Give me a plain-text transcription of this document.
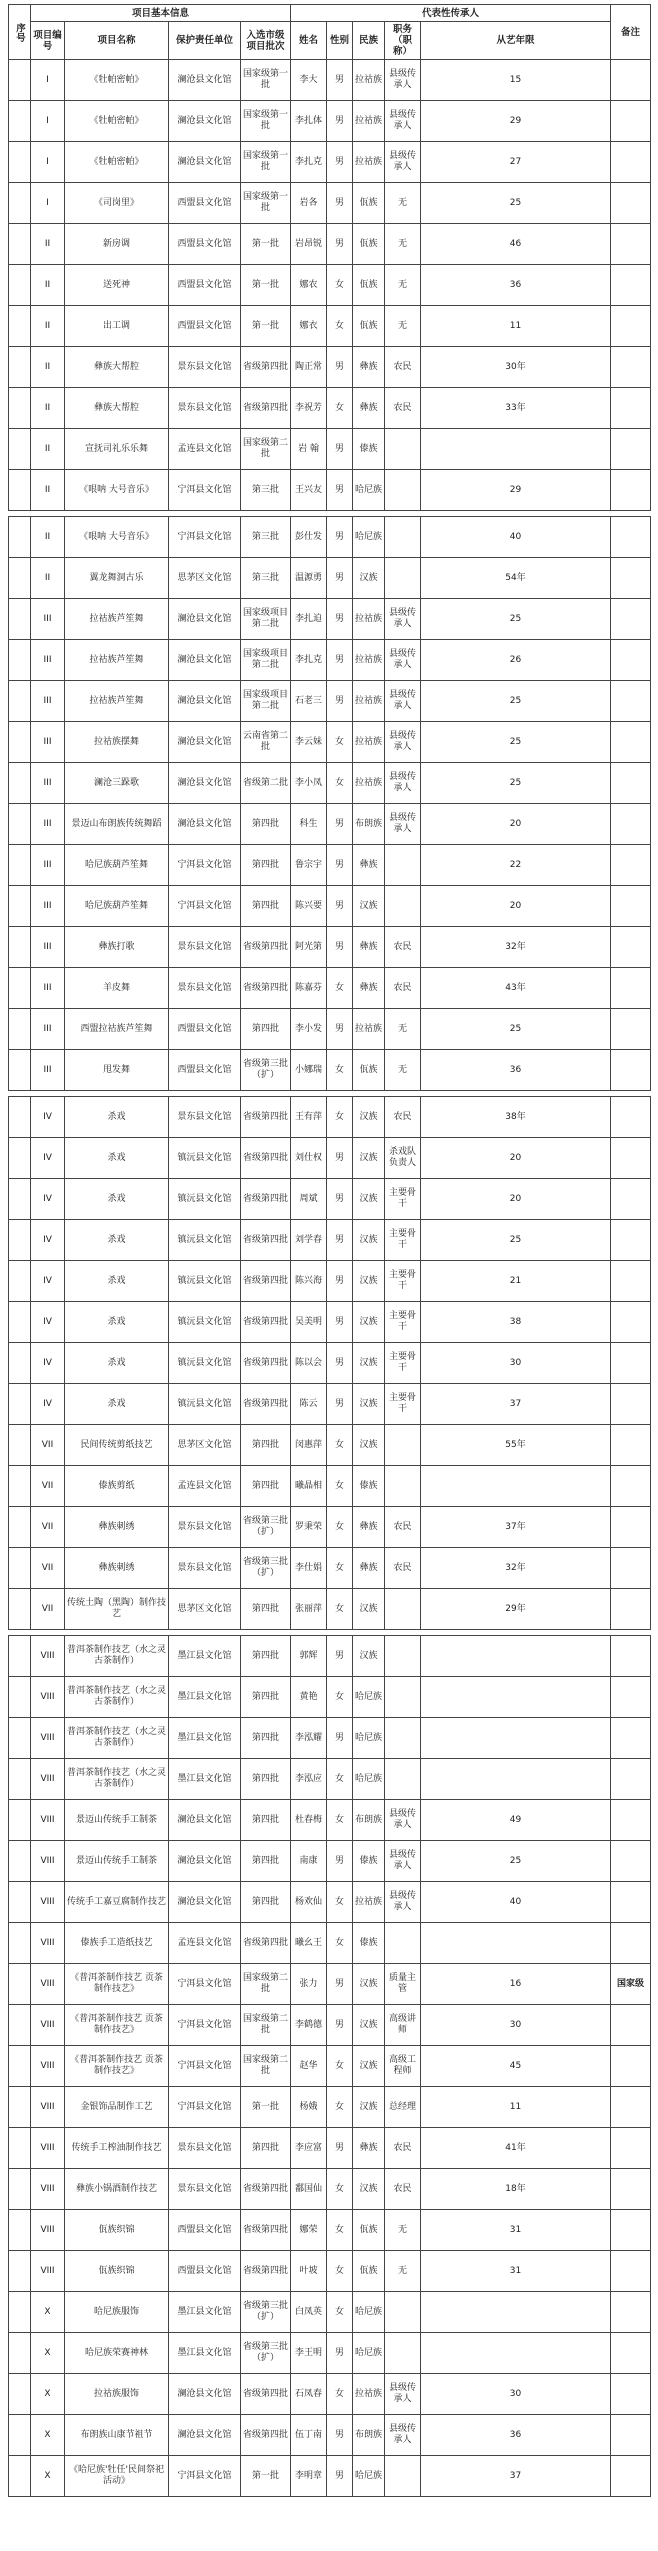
序号	项目基本信息				代表性传承人					备注
	项目编号	项目名称	保护责任单位	入选市级项目批次	姓名	性别	民族	职务（职称）	从艺年限	
	I	《牡帕密帕》	澜沧县文化馆	国家级第一批	李大	男	拉祜族	县级传承人	15	
	I	《牡帕密帕》	澜沧县文化馆	国家级第一批	李扎体	男	拉祜族	县级传承人	29	
	I	《牡帕密帕》	澜沧县文化馆	国家级第一批	李扎克	男	拉祜族	县级传承人	27	
	I	《司岗里》	西盟县文化馆	国家级第一批	岩各	男	佤族	无	25	
	II	新房调	西盟县文化馆	第一批	岩昂锐	男	佤族	无	46	
	II	送死神	西盟县文化馆	第一批	娜农	女	佤族	无	36	
	II	出工调	西盟县文化馆	第一批	娜衣	女	佤族	无	11	
	II	彝族大帮腔	景东县文化馆	省级第四批	陶正常	男	彝族	农民	30年	
	II	彝族大帮腔	景东县文化馆	省级第四批	李祝芳	女	彝族	农民	33年	
	II	宣抚司礼乐乐舞	孟连县文化馆	国家级第二批	岩 翰	男	傣族			
	II	《哏呐 大号音乐》	宁洱县文化馆	第三批	王兴友	男	哈尼族		29	

	II	《哏呐 大号音乐》	宁洱县文化馆	第三批	彭仕发	男	哈尼族		40	
	II	翼龙舞洞古乐	思茅区文化馆	第三批	温源勇	男	汉族		54年	
	III	拉祜族芦笙舞	澜沧县文化馆	国家级项目第二批	李扎迫	男	拉祜族	县级传承人	25	
	III	拉祜族芦笙舞	澜沧县文化馆	国家级项目第二批	李扎克	男	拉祜族	县级传承人	26	
	III	拉祜族芦笙舞	澜沧县文化馆	国家级项目第二批	石老三	男	拉祜族	县级传承人	25	
	III	拉祜族摆舞	澜沧县文化馆	云南省第二批	李云妹	女	拉祜族	县级传承人	25	
	III	澜沧三跺歌	澜沧县文化馆	省级第二批	李小凤	女	拉祜族	县级传承人	25	
	III	景迈山布朗族传统舞蹈	澜沧县文化馆	第四批	科生	男	布朗族	县级传承人	20	
	III	哈尼族葫芦笙舞	宁洱县文化馆	第四批	鲁宗宇	男	彝族		22	
	III	哈尼族葫芦笙舞	宁洱县文化馆	第四批	陈兴要	男	汉族		20	
	III	彝族打歌	景东县文化馆	省级第四批	阿光第	男	彝族	农民	32年	
	III	羊皮舞	景东县文化馆	省级第四批	陈嘉芬	女	彝族	农民	43年	
	III	西盟拉祜族芦笙舞	西盟县文化馆	第四批	李小发	男	拉祜族	无	25	
	III	甩发舞	西盟县文化馆	省级第三批（扩）	小娜瑞	女	佤族	无	36	

	IV	杀戏	景东县文化馆	省级第四批	王有萍	女	汉族	农民	38年	
	IV	杀戏	镇沅县文化馆	省级第四批	刘仕权	男	汉族	杀戏队负责人	20	
	IV	杀戏	镇沅县文化馆	省级第四批	周斌	男	汉族	主要骨干	20	
	IV	杀戏	镇沅县文化馆	省级第四批	刘学春	男	汉族	主要骨干	25	
	IV	杀戏	镇沅县文化馆	省级第四批	陈兴海	男	汉族	主要骨干	21	
	IV	杀戏	镇沅县文化馆	省级第四批	吴美明	男	汉族	主要骨干	38	
	IV	杀戏	镇沅县文化馆	省级第四批	陈以会	男	汉族	主要骨干	30	
	IV	杀戏	镇沅县文化馆	省级第四批	陈云	男	汉族	主要骨干	37	
	VII	民间传统剪纸技艺	思茅区文化馆	第四批	闵惠萍	女	汉族		55年	
	VII	傣族剪纸	孟连县文化馆	第四批	曦晶相	女	傣族			
	VII	彝族刺绣	景东县文化馆	省级第三批（扩）	罗秉荣	女	彝族	农民	37年	
	VII	彝族刺绣	景东县文化馆	省级第三批（扩）	李仕娟	女	彝族	农民	32年	
	VII	传统土陶（黑陶）制作技艺	思茅区文化馆	第四批	张丽萍	女	汉族		29年	

	VIII	普洱茶制作技艺（水之灵古茶制作）	墨江县文化馆	第四批	郭辉	男	汉族			
	VIII	普洱茶制作技艺（水之灵古茶制作）	墨江县文化馆	第四批	黄艳	女	哈尼族			
	VIII	普洱茶制作技艺（水之灵古茶制作）	墨江县文化馆	第四批	李泓耀	男	哈尼族			
	VIII	普洱茶制作技艺（水之灵古茶制作）	墨江县文化馆	第四批	李泓应	女	哈尼族			
	VIII	景迈山传统手工制茶	澜沧县文化馆	第四批	杜春梅	女	布朗族	县级传承人	49	
	VIII	景迈山传统手工制茶	澜沧县文化馆	第四批	南康	男	傣族	县级传承人	25	
	VIII	传统手工嘉豆腐制作技艺	澜沧县文化馆	第四批	杨欢仙	女	拉祜族	县级传承人	40	
	VIII	傣族手工造纸技艺	孟连县文化馆	省级第四批	曦幺王	女	傣族			
	VIII	《普洱茶制作技艺 贡茶制作技艺》	宁洱县文化馆	国家级第二批	张力	男	汉族	质量主管	16	国家级
	VIII	《普洱茶制作技艺 贡茶制作技艺》	宁洱县文化馆	国家级第二批	李鹤德	男	汉族	高级讲师	30	
	VIII	《普洱茶制作技艺 贡茶制作技艺》	宁洱县文化馆	国家级第二批	赵华	女	汉族	高级工程师	45	
	VIII	金银饰品制作工艺	宁洱县文化馆	第一批	杨娥	女	汉族	总经理	11	
	VIII	传统手工榨油制作技艺	景东县文化馆	第四批	李应富	男	彝族	农民	41年	
	VIII	彝族小锅酒制作技艺	景东县文化馆	省级第四批	鄱国仙	女	汉族	农民	18年	
	VIII	佤族织锦	西盟县文化馆	省级第四批	娜荣	女	佤族	无	31	
	VIII	佤族织锦	西盟县文化馆	省级第四批	叶坡	女	佤族	无	31	
	X	哈尼族服饰	墨江县文化馆	省级第三批（扩）	白凤英	女	哈尼族			
	X	哈尼族荣赛神林	墨江县文化馆	省级第三批（扩）	李王明	男	哈尼族			
	X	拉祜族服饰	澜沧县文化馆	省级第四批	石凤春	女	拉祜族	县级传承人	30	
	X	布朗族山康节祖节	澜沧县文化馆	省级第四批	伍丁南	男	布朗族	县级传承人	36	
	X	《哈尼族'牡任'民间祭祀活动》	宁洱县文化馆	第一批	李明章	男	哈尼族		37	
